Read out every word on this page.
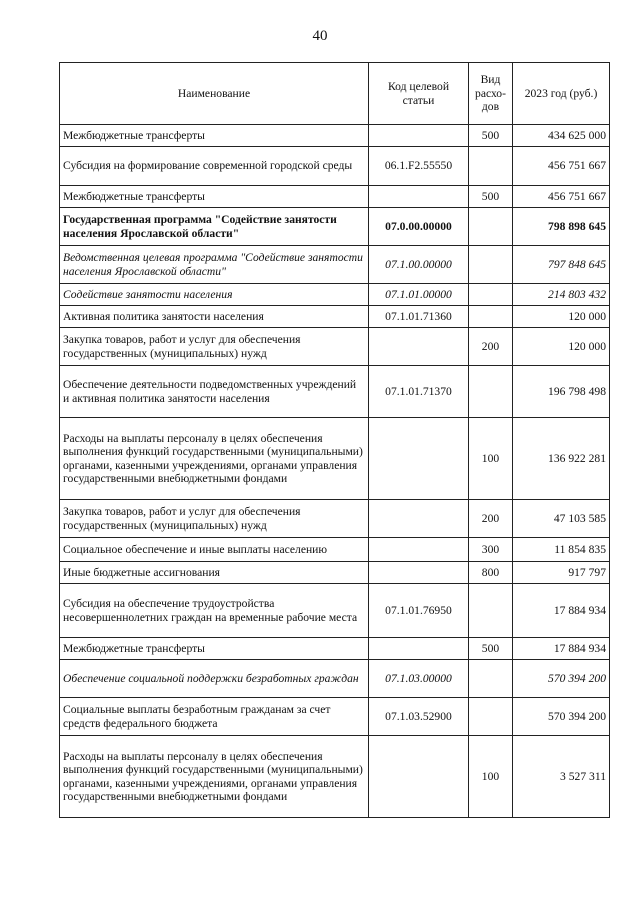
40
Наименование	Код целевой статьи	Вид расхо-дов	2023 год (руб.)
Межбюджетные трансферты		500	434 625 000
Субсидия на формирование современной городской среды	06.1.F2.55550		456 751 667
Межбюджетные трансферты		500	456 751 667
Государственная программа "Содействие занятости населения Ярославской области"	07.0.00.00000		798 898 645
Ведомственная целевая программа "Содействие занятости населения Ярославской области"	07.1.00.00000		797 848 645
Содействие занятости населения	07.1.01.00000		214 803 432
Активная политика занятости населения	07.1.01.71360		120 000
Закупка товаров, работ и услуг для обеспечения государственных (муниципальных) нужд		200	120 000
Обеспечение деятельности подведомственных учреждений и активная политика занятости населения	07.1.01.71370		196 798 498
Расходы на выплаты персоналу в целях обеспечения выполнения функций государственными (муниципальными) органами, казенными учреждениями, органами управления государственными внебюджетными фондами		100	136 922 281
Закупка товаров, работ и услуг для обеспечения государственных (муниципальных) нужд		200	47 103 585
Социальное обеспечение и иные выплаты населению		300	11 854 835
Иные бюджетные ассигнования		800	917 797
Субсидия на обеспечение трудоустройства несовершеннолетних граждан на временные рабочие места	07.1.01.76950		17 884 934
Межбюджетные трансферты		500	17 884 934
Обеспечение социальной поддержки безработных граждан	07.1.03.00000		570 394 200
Социальные выплаты безработным гражданам за счет средств федерального бюджета	07.1.03.52900		570 394 200
Расходы на выплаты персоналу в целях обеспечения выполнения функций государственными (муниципальными) органами, казенными учреждениями, органами управления государственными внебюджетными фондами		100	3 527 311
